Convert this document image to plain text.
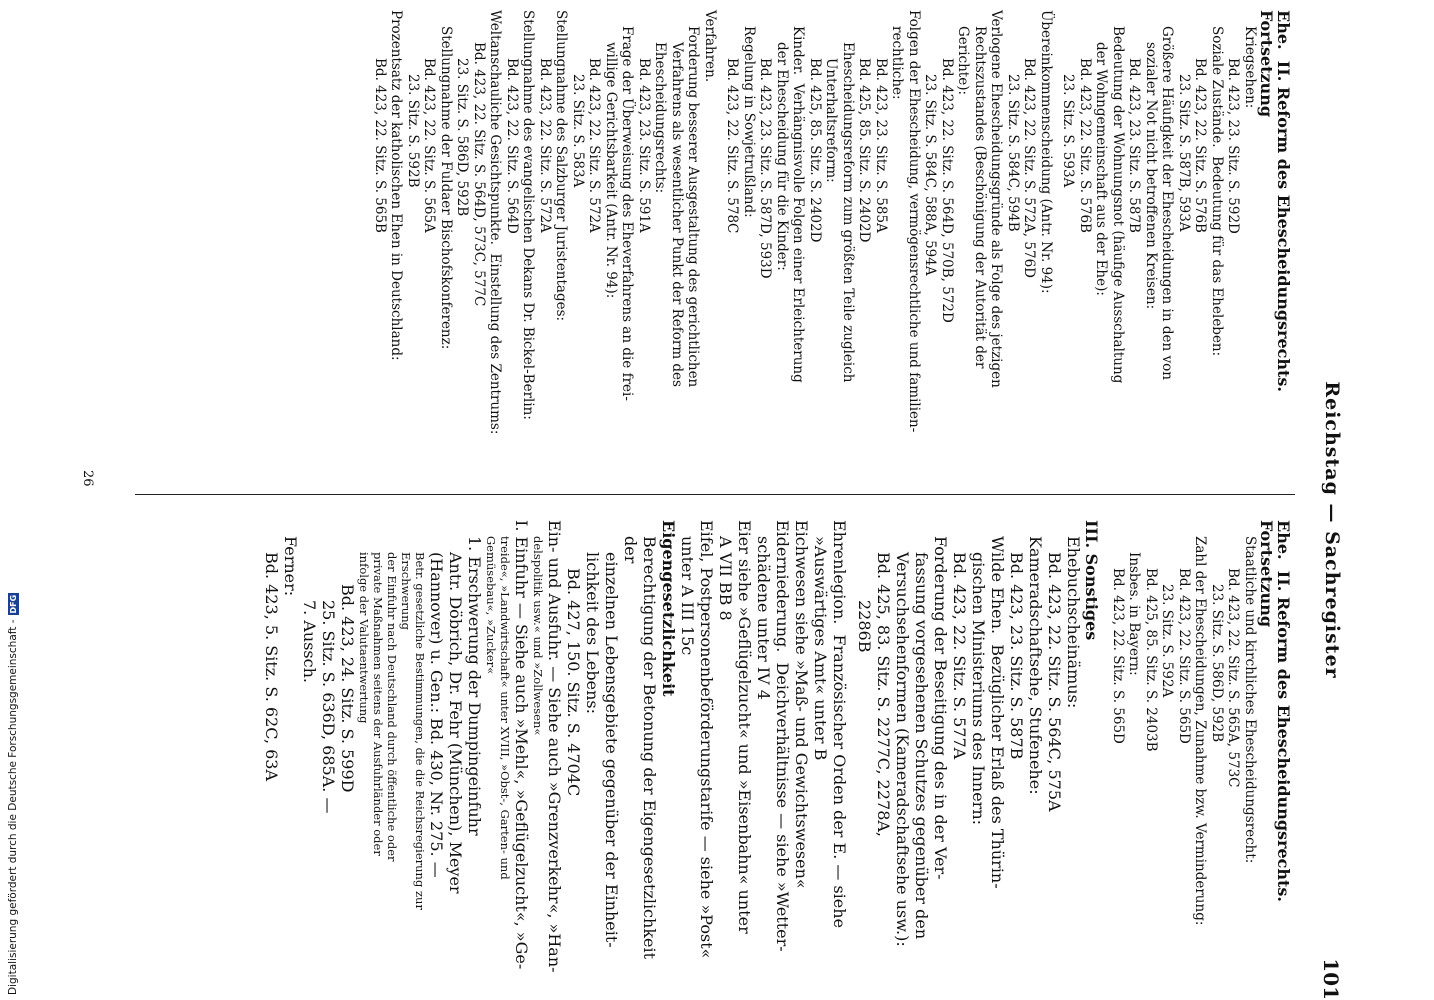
Reichstag — Sachregister
101
Ehe.  II. Reform des Ehescheidungsrechts. Fortsetzung
Kriegsehen:
Bd. 423, 23. Sitz. S. 592D
Soziale Zustände.  Bedeutung für das Eheleben:
Bd. 423, 22. Sitz. S. 576B
23. Sitz. S. 587B, 593A
Größere Häufigkeit der Ehescheidungen in den von
sozialer Not nicht betroffenen Kreisen:
Bd. 423, 23. Sitz. S. 587B
Bedeutung der Wohnungsnot (häufige Ausschaltung
der Wohngemeinschaft aus der Ehe):
Bd. 423, 22. Sitz. S. 576B
23. Sitz. S. 593A
Übereinkommenscheidung (Antr. Nr. 94):
Bd. 423, 22. Sitz. S. 572A, 576D
23. Sitz. S. 584C, 594B
Verlogene Ehescheidungsgründe als Folge des jetzigen
Rechtszustandes (Beschönigung der Autorität der
Gerichte):
Bd. 423, 22. Sitz. S. 564D, 570B, 572D
23. Sitz. S. 584C, 588A, 594A
Folgen der Ehescheidung, vermögensrechtliche und familien-
rechtliche:
Bd. 423, 23. Sitz. S. 585A
Bd. 425, 85. Sitz. S. 2402D
Ehescheidungsreform zum größten Teile zugleich
Unterhaltsreform:
Bd. 425, 85. Sitz. S. 2402D
Kinder.  Verhängnisvolle Folgen einer Erleichterung
der Ehescheidung für die Kinder:
Bd. 423, 23. Sitz. S. 587D, 593D
Regelung in Sowjetrußland:
Bd. 423, 22. Sitz. S. 578C
Verfahren.
Forderung besserer Ausgestaltung des gerichtlichen
Verfahrens als wesentlicher Punkt der Reform des
Ehescheidungsrechts:
Bd. 423, 23. Sitz. S. 591A
Frage der Überweisung des Eheverfahrens an die frei-
willige Gerichtsbarkeit (Antr. Nr. 94):
Bd. 423, 22. Sitz. S. 572A
23. Sitz. S. 583A
Stellungnahme des Salzburger Juristentages:
Bd. 423, 22. Sitz. S. 572A
Stellungnahme des evangelischen Dekans Dr. Bickel-Berlin:
Bd. 423, 22. Sitz. S. 564D
Weltanschauliche Gesichtspunkte.  Einstellung des Zentrums:
Bd. 423, 22. Sitz. S. 564D, 573C, 577C
23. Sitz. S. 586D, 592B
Stellungnahme der Fuldaer Bischofskonferenz:
Bd. 423, 22. Sitz. S. 565A
23. Sitz. S. 592B
Prozentsatz der katholischen Ehen in Deutschland:
Bd. 423, 22. Sitz. S. 565B
Ehe.  II. Reform des Ehescheidungsrechts. Fortsetzung
Staatliche und kirchliches Ehescheidungsrecht:
Bd. 423, 22. Sitz. S. 565A, 573C
23. Sitz. S. 586D, 592B
Zahl der Ehescheidungen, Zunahme bzw. Verminderung:
Bd. 423, 22. Sitz. S. 565D
23. Sitz. S. 592A
Bd. 425, 85. Sitz. S. 2403B
Insbes. in Bayern:
Bd. 423, 22. Sitz. S. 565D
III. Sonstiges
Ehebuchscheinämus:
Bd. 423, 22. Sitz. S. 564C, 575A
Kameradschaftsehe, Stufenehe:
Bd. 423, 23. Sitz. S. 587B
Wilde Ehen.  Bezüglicher Erlaß des Thürin-
gischen Ministeriums des Innern:
Bd. 423, 22. Sitz. S. 577A
Forderung der Beseitigung des in der Ver-
fassung vorgesehenen Schutzes gegenüber den
Versuchsehenformen (Kameradschaftsehe usw.):
Bd. 425, 83. Sitz. S. 2277C, 2278A,
2286B
Ehrenlegion.  Französischer Orden der E. — siehe
»Auswärtiges Amt« unter B
Eichwesen siehe »Maß- und Gewichtswesen«
Eiderniederung.  Deichverhältnisse — siehe »Wetter-
schädene unter IV 4
Eier siehe »Geflügelzucht« und »Eisenbahn« unter
A VII BB 8
Eifel, Postpersonenbeförderungstarife — siehe »Post«
unter A III 15c
Eigengesetzlichkeit
Berechtigung der Betonung der Eigengesetzlichkeit der
einzelnen Lebensgebiete gegenüber der Einheit-
lichkeit des Lebens:
Bd. 427, 150. Sitz. S. 4704C
Ein- und Ausfuhr. — Siehe auch »Grenzverkehr«, »Han-
delspolitik usw.« und »Zollwesen«
I. Einfuhr — Siehe auch »Mehl«, »Geflügelzucht«, »Ge-
treide«, »Landwirtschaft« unter XVIII, »Obst-, Garten- und
Gemüsebau«, »Zucker«
1. Erschwerung der Dumpingeinfuhr
Antr. Döbrich, Dr. Fehr (München), Meyer
(Hannover) u. Gen.: Bd. 430, Nr. 275. —
Betr. gesetzliche Bestimmungen, die die Reichsregierung zur Erschwerung
der Einfuhr nach Deutschland durch öffentliche oder
private Maßnahmen seitens der Ausfuhrländer oder
infolge der Valutaentwertung
Bd. 423, 24. Sitz. S. 599D
25. Sitz. S. 636D, 685A. —
7. Aussch.
Ferner:
Bd. 423, 5. Sitz. S. 62C, 63A
26
Digitalisierung gefördert durch die Deutsche Forschungsgemeinschaft -
DFG
